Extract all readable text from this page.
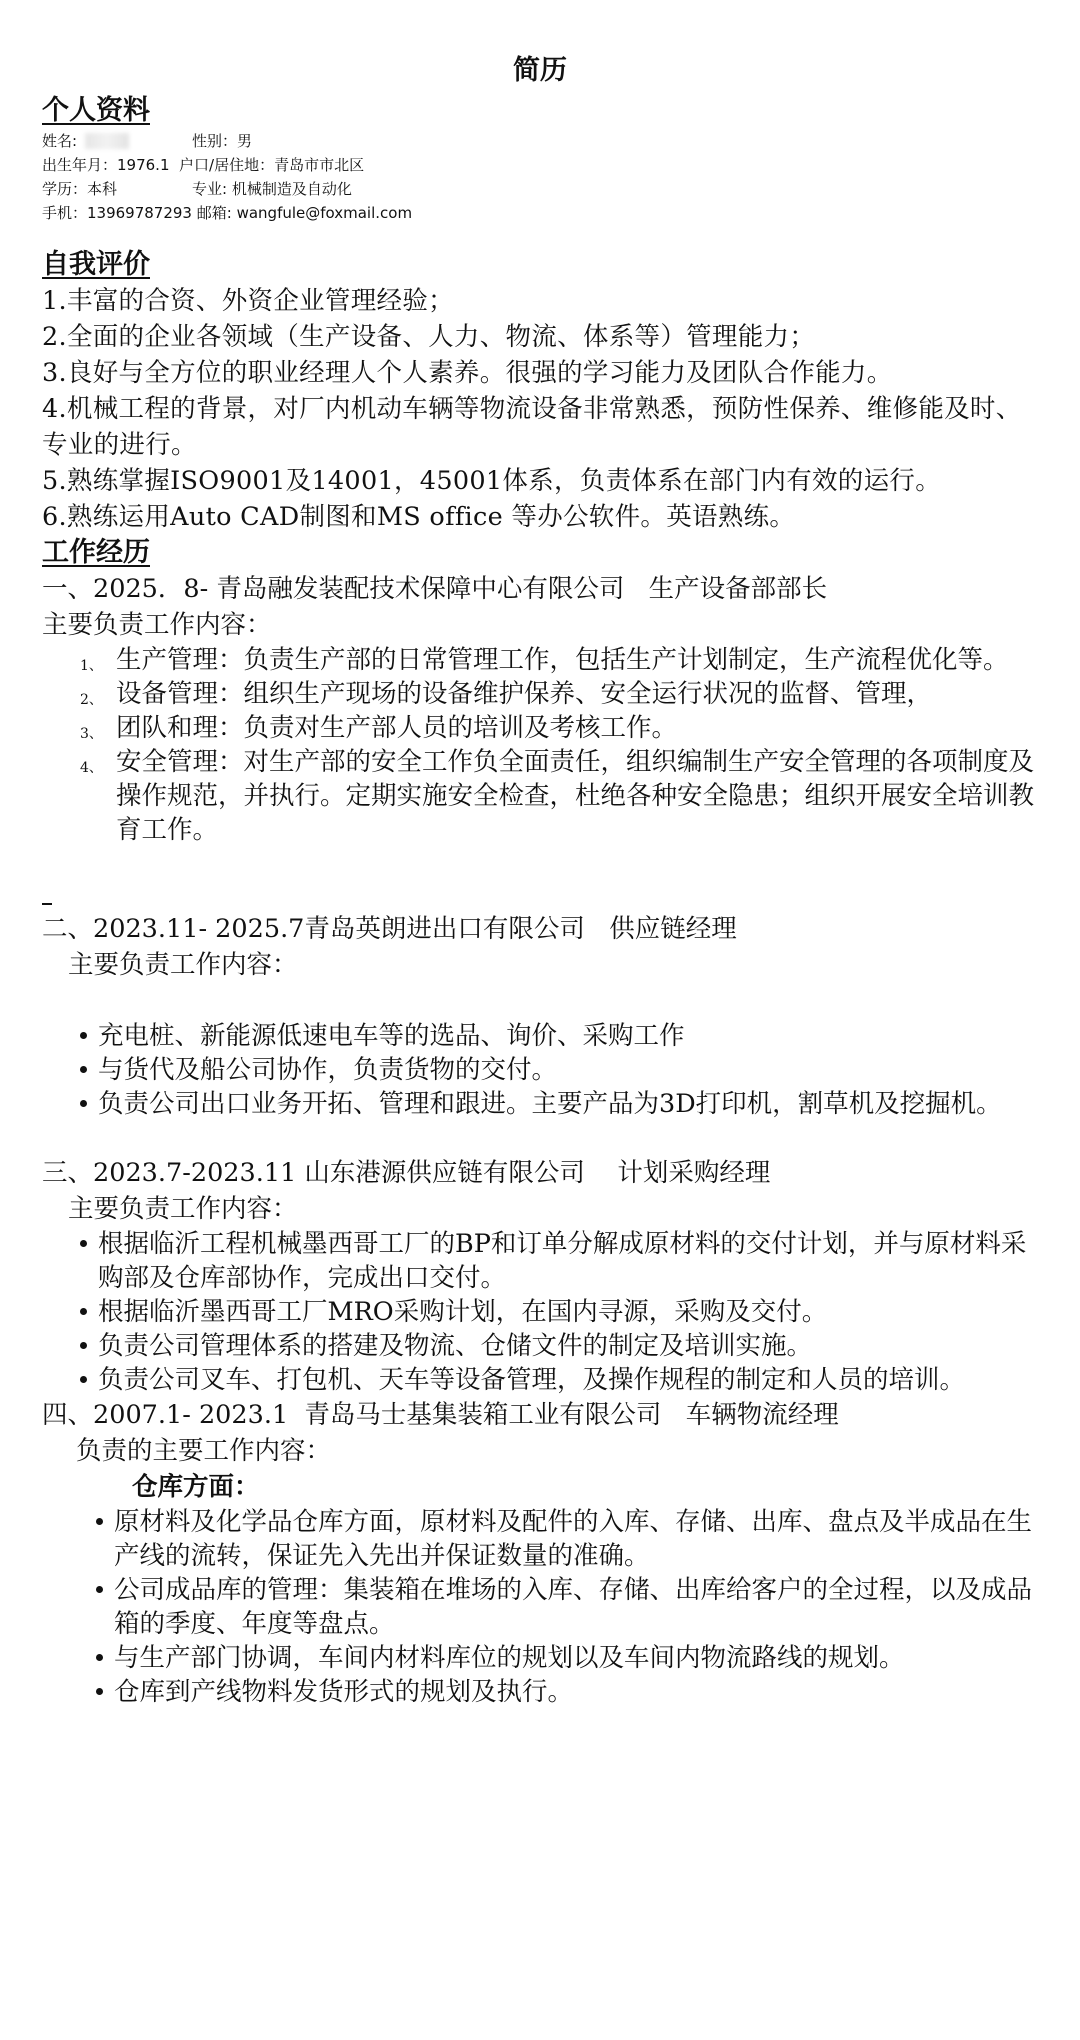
简历
个人资料
姓名:	性别：男
出生年月：1976.1
户口/居住地：青岛市市北区
学历：本科	专业: 机械制造及自动化
手机：13969787293
邮箱: wangfule@foxmail.com
自我评价

1.丰富的合资、外资企业管理经验；

2.全面的企业各领域（生产设备、人力、物流、体系等）管理能力；

3.良好与全方位的职业经理人个人素养。很强的学习能力及团队合作能力。

4.机械工程的背景，对厂内机动车辆等物流设备非常熟悉，预防性保养、维修能及时、专业的进行。

5.熟练掌握ISO9001及14001，45001体系，负责体系在部门内有效的运行。

6.熟练运用Auto CAD制图和MS office 等办公软件。英语熟练。

工作经历
一、2025．8- 青岛融发装配技术保障中心有限公司   生产设备部部长
主要负责工作内容：
1、 生产管理：负责生产部的日常管理工作，包括生产计划制定，生产流程优化等。
2、 设备管理：组织生产现场的设备维护保养、安全运行状况的监督、管理，
3、 团队和理：负责对生产部人员的培训及考核工作。
4、 安全管理：对生产部的安全工作负全面责任，组织编制生产安全管理的各项制度及操作规范，并执行。定期实施安全检查，杜绝各种安全隐患；组织开展安全培训教育工作。
二、2023.11- 2025.7青岛英朗进出口有限公司   供应链经理
主要负责工作内容：
充电桩、新能源低速电车等的选品、询价、采购工作
与货代及船公司协作，负责货物的交付。
负责公司出口业务开拓、管理和跟进。主要产品为3D打印机，割草机及挖掘机。
三、2023.7-2023.11 山东港源供应链有限公司    计划采购经理
主要负责工作内容：
根据临沂工程机械墨西哥工厂的BP和订单分解成原材料的交付计划，并与原材料采购部及仓库部协作，完成出口交付。
根据临沂墨西哥工厂MRO采购计划，在国内寻源，采购及交付。
负责公司管理体系的搭建及物流、仓储文件的制定及培训实施。
负责公司叉车、打包机、天车等设备管理，及操作规程的制定和人员的培训。
四、2007.1- 2023.1  青岛马士基集装箱工业有限公司   车辆物流经理
负责的主要工作内容：
仓库方面：
原材料及化学品仓库方面，原材料及配件的入库、存储、出库、盘点及半成品在生产线的流转，保证先入先出并保证数量的准确。
公司成品库的管理：集装箱在堆场的入库、存储、出库给客户的全过程，以及成品箱的季度、年度等盘点。
与生产部门协调，车间内材料库位的规划以及车间内物流路线的规划。
仓库到产线物料发货形式的规划及执行。
